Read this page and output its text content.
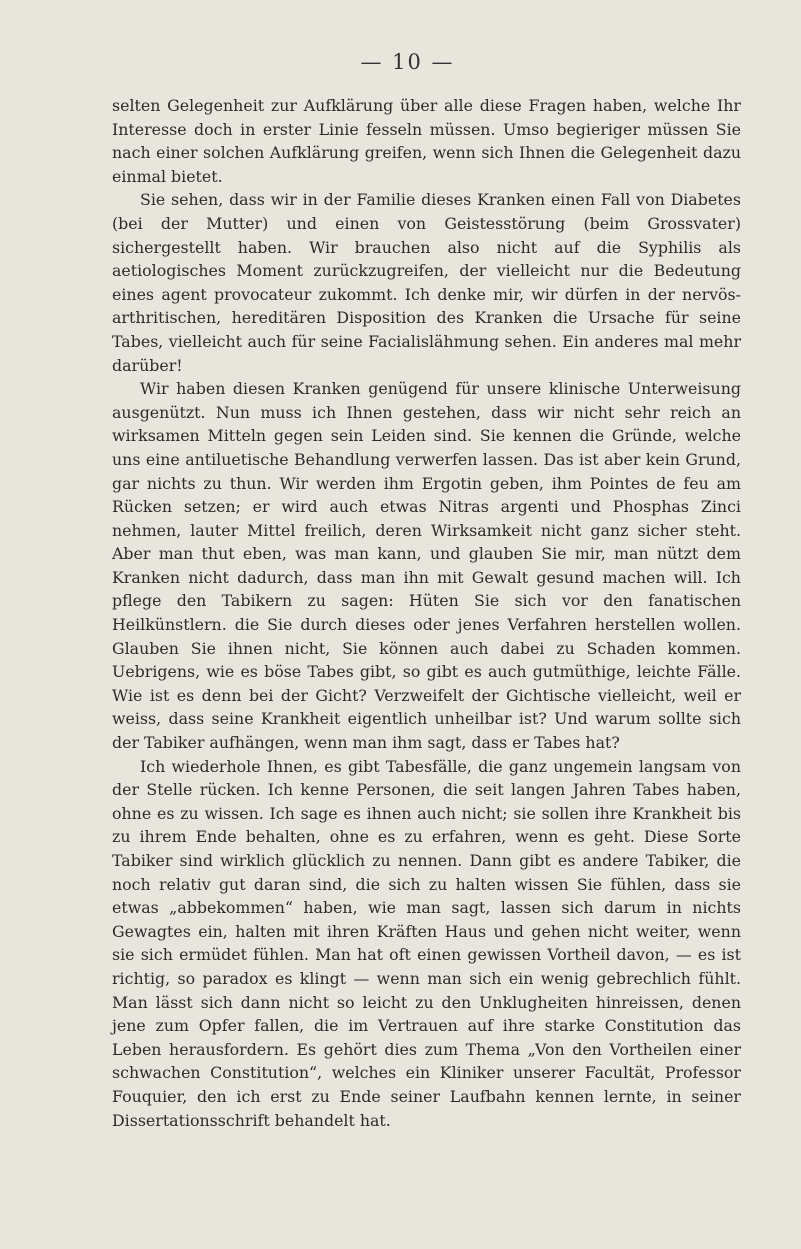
— 10 —

selten Gelegenheit zur Aufklärung über alle diese Fragen haben, welche Ihr Interesse doch in erster Linie fesseln müssen. Umso begieriger müssen Sie nach einer solchen Aufklärung greifen, wenn sich Ihnen die Gelegenheit dazu einmal bietet.

Sie sehen, dass wir in der Familie dieses Kranken einen Fall von Diabetes (bei der Mutter) und einen von Geistesstörung (beim Grossvater) sichergestellt haben. Wir brauchen also nicht auf die Syphilis als aetiologisches Moment zurückzugreifen, der vielleicht nur die Bedeutung eines agent provocateur zukommt. Ich denke mir, wir dürfen in der nervös-arthritischen, hereditären Disposition des Kranken die Ursache für seine Tabes, vielleicht auch für seine Facialislähmung sehen. Ein anderes mal mehr darüber!

Wir haben diesen Kranken genügend für unsere klinische Unterweisung ausgenützt. Nun muss ich Ihnen gestehen, dass wir nicht sehr reich an wirksamen Mitteln gegen sein Leiden sind. Sie kennen die Gründe, welche uns eine antiluetische Behandlung verwerfen lassen. Das ist aber kein Grund, gar nichts zu thun. Wir werden ihm Ergotin geben, ihm Pointes de feu am Rücken setzen; er wird auch etwas Nitras argenti und Phosphas Zinci nehmen, lauter Mittel freilich, deren Wirksamkeit nicht ganz sicher steht. Aber man thut eben, was man kann, und glauben Sie mir, man nützt dem Kranken nicht dadurch, dass man ihn mit Gewalt gesund machen will. Ich pflege den Tabikern zu sagen: Hüten Sie sich vor den fanatischen Heilkünstlern. die Sie durch dieses oder jenes Verfahren herstellen wollen. Glauben Sie ihnen nicht, Sie können auch dabei zu Schaden kommen. Uebrigens, wie es böse Tabes gibt, so gibt es auch gutmüthige, leichte Fälle. Wie ist es denn bei der Gicht? Verzweifelt der Gichtische vielleicht, weil er weiss, dass seine Krankheit eigentlich unheilbar ist? Und warum sollte sich der Tabiker aufhängen, wenn man ihm sagt, dass er Tabes hat?

Ich wiederhole Ihnen, es gibt Tabesfälle, die ganz ungemein langsam von der Stelle rücken. Ich kenne Personen, die seit langen Jahren Tabes haben, ohne es zu wissen. Ich sage es ihnen auch nicht; sie sollen ihre Krankheit bis zu ihrem Ende behalten, ohne es zu erfahren, wenn es geht. Diese Sorte Tabiker sind wirklich glücklich zu nennen. Dann gibt es andere Tabiker, die noch relativ gut daran sind, die sich zu halten wissen Sie fühlen, dass sie etwas „abbekommen“ haben, wie man sagt, lassen sich darum in nichts Gewagtes ein, halten mit ihren Kräften Haus und gehen nicht weiter, wenn sie sich ermüdet fühlen. Man hat oft einen gewissen Vortheil davon, — es ist richtig, so paradox es klingt — wenn man sich ein wenig gebrechlich fühlt. Man lässt sich dann nicht so leicht zu den Unklugheiten hinreissen, denen jene zum Opfer fallen, die im Vertrauen auf ihre starke Constitution das Leben herausfordern. Es gehört dies zum Thema „Von den Vortheilen einer schwachen Constitution“, welches ein Kliniker unserer Facultät, Professor Fouquier, den ich erst zu Ende seiner Laufbahn kennen lernte, in seiner Dissertationsschrift behandelt hat.
